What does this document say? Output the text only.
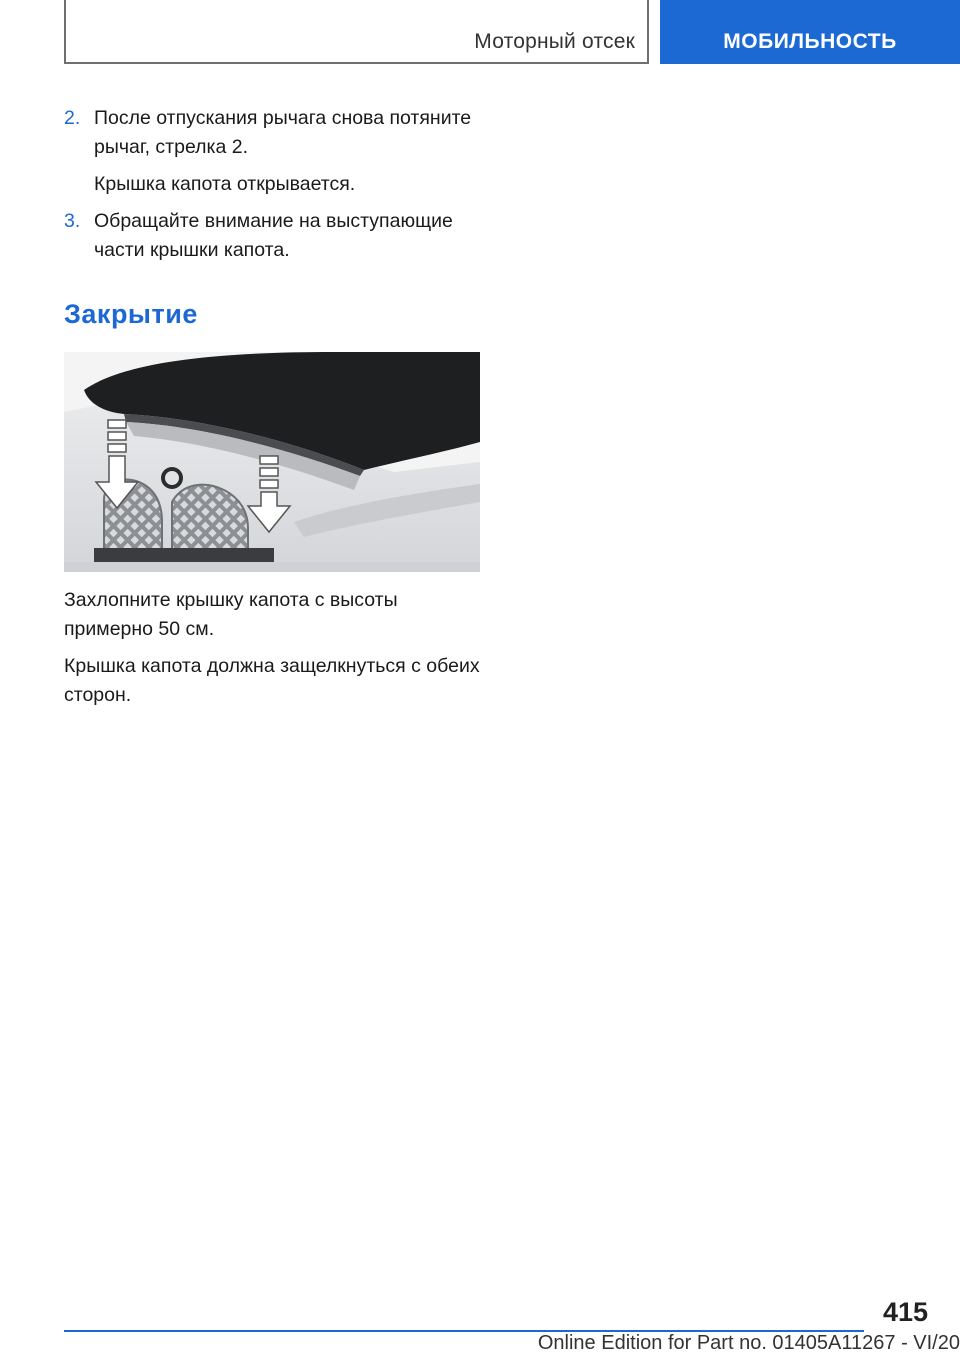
Моторный отсек	МОБИЛЬНОСТЬ
2. После отпускания рычага снова потяните рычаг, стрелка 2.
Крышка капота открывается.
3. Обращайте внимание на выступающие части крышки капота.
Закрытие

Захлопните крышку капота с высоты примерно 50 см.

Крышка капота должна защелкнуться с обеих сторон.

415
Online Edition for Part no. 01405A11267 - VI/20
